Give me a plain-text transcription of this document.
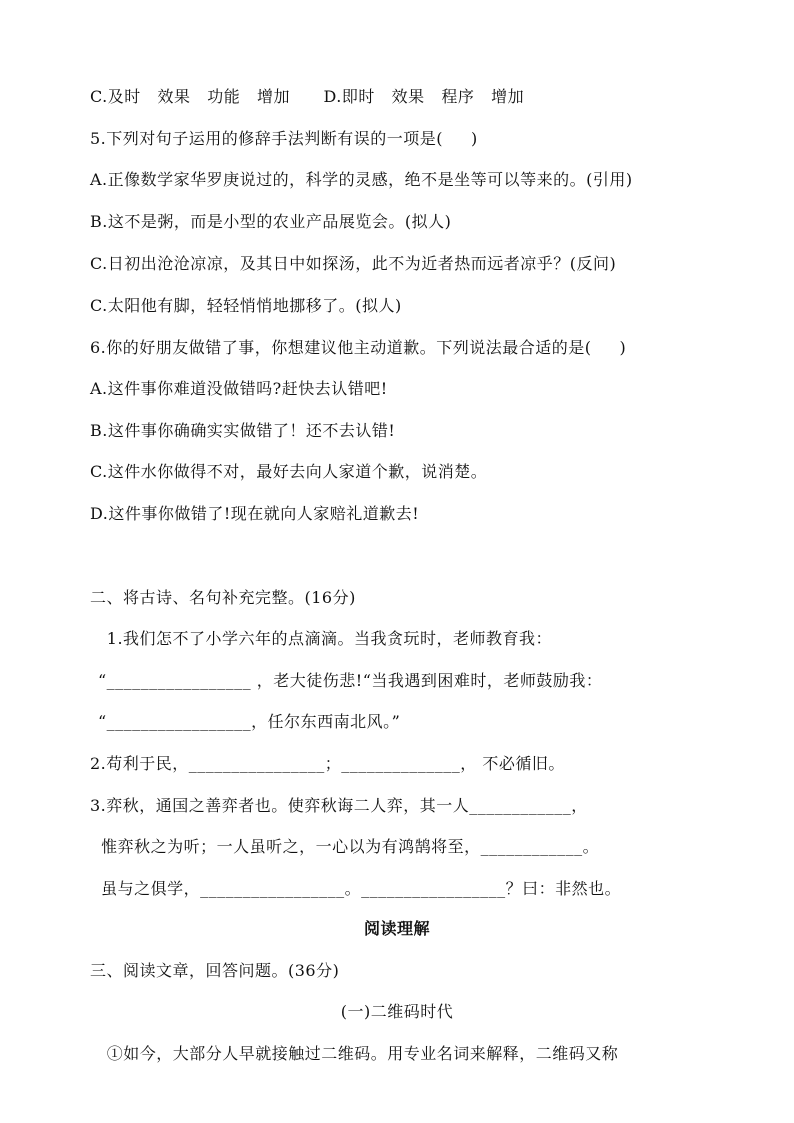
C.及时   效果   功能   增加      D.即时   效果   程序   增加
5.下列对句子运用的修辞手法判断有误的一项是(     )
A.正像数学家华罗庚说过的，科学的灵感，绝不是坐等可以等来的。(引用)
B.这不是粥，而是小型的农业产品展览会。(拟人)
C.日初出沧沧凉凉，及其日中如探汤，此不为近者热而远者凉乎？(反问)
C.太阳他有脚，轻轻悄悄地挪移了。(拟人)
6.你的好朋友做错了事，你想建议他主动道歉。下列说法最合适的是(     )
A.这件事你难道没做错吗?赶快去认错吧!
B.这件事你确确实实做错了！还不去认错!
C.这件水你做得不对，最好去向人家道个歉，说消楚。
D.这件事你做错了!现在就向人家赔礼道歉去!
二、将古诗、名句补充完整。(16分)
1.我们怎不了小学六年的点滴滴。当我贪玩时，老师教育我：
“_________________ ，老大徒伤悲!“当我遇到困难时，老师鼓励我：
“_________________，任尔东西南北风。”
2.苟利于民，________________；______________， 不必循旧。
3.弈秋，通国之善弈者也。使弈秋诲二人弈，其一人____________，
惟弈秋之为听；一人虽听之，一心以为有鸿鹄将至，____________。
虽与之俱学，_________________。_________________？曰：非然也。
阅读理解
三、阅读文章，回答问题。(36分)
(一)二维码时代
①如今，大部分人早就接触过二维码。用专业名词来解释，二维码又称
